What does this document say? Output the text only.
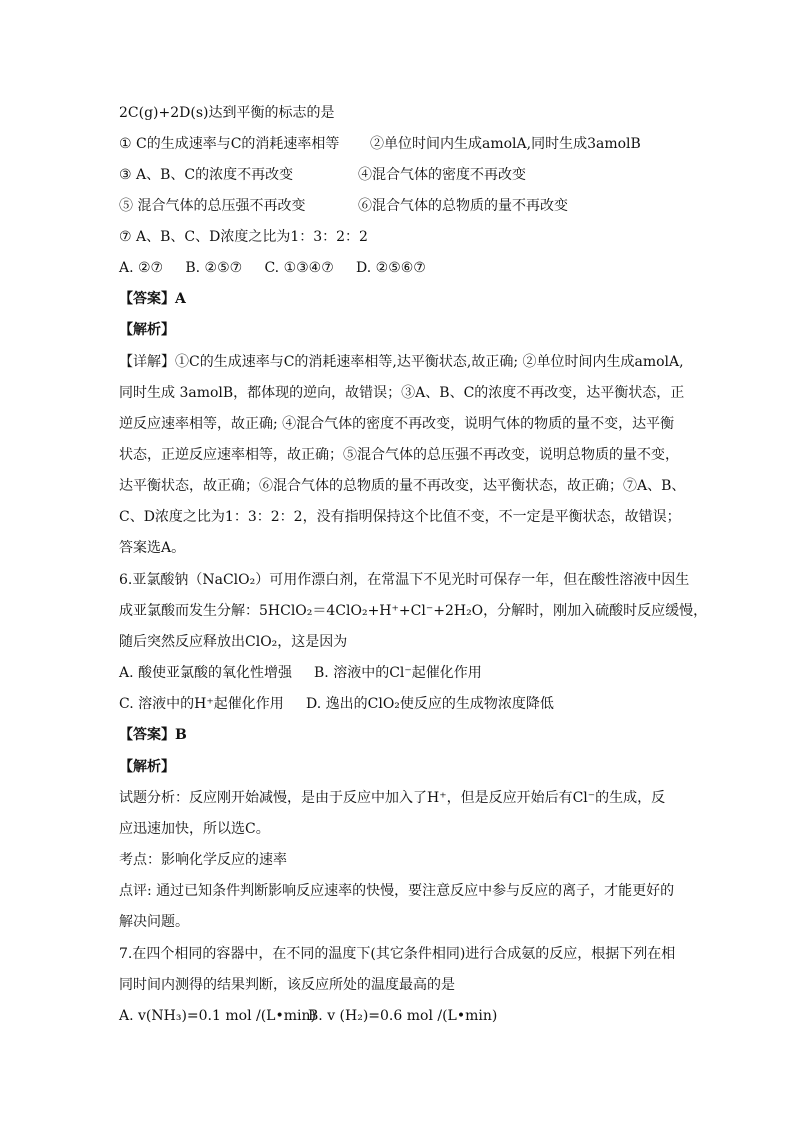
2C(g)+2D(s)达到平衡的标志的是
① C的生成速率与C的消耗速率相等 ②单位时间内生成amolA,同时生成3amolB
③ A、B、C的浓度不再改变	④混合气体的密度不再改变
⑤ 混合气体的总压强不再改变	⑥混合气体的总物质的量不再改变
⑦ A、B、C、D浓度之比为1：3：2：2
A. ②⑦     B. ②⑤⑦     C. ①③④⑦     D. ②⑤⑥⑦
【答案】A
【解析】
【详解】①C的生成速率与C的消耗速率相等,达平衡状态,故正确; ②单位时间内生成amolA,
同时生成 3amolB，都体现的逆向，故错误；③A、B、C的浓度不再改变，达平衡状态，正
逆反应速率相等，故正确; ④混合气体的密度不再改变，说明气体的物质的量不变，达平衡
状态，正逆反应速率相等，故正确；⑤混合气体的总压强不再改变，说明总物质的量不变，
达平衡状态，故正确；⑥混合气体的总物质的量不再改变，达平衡状态，故正确；⑦A、B、
C、D浓度之比为1：3：2：2，没有指明保持这个比值不变，不一定是平衡状态，故错误；
答案选A。
6.亚氯酸钠（NaClO₂）可用作漂白剂，在常温下不见光时可保存一年，但在酸性溶液中因生
成亚氯酸而发生分解：5HClO₂＝4ClO₂+H⁺+Cl⁻+2H₂O，分解时，刚加入硫酸时反应缓慢，
随后突然反应释放出ClO₂，这是因为
A. 酸使亚氯酸的氧化性增强 B. 溶液中的Cl⁻起催化作用
C. 溶液中的H⁺起催化作用 D. 逸出的ClO₂使反应的生成物浓度降低
【答案】B
【解析】
试题分析：反应刚开始减慢，是由于反应中加入了H⁺，但是反应开始后有Cl⁻的生成，反
应迅速加快，所以选C。
考点：影响化学反应的速率
点评: 通过已知条件判断影响反应速率的快慢，要注意反应中参与反应的离子，才能更好的
解决问题。
7.在四个相同的容器中，在不同的温度下(其它条件相同)进行合成氨的反应，根据下列在相
同时间内测得的结果判断，该反应所处的温度最高的是
A. v(NH₃)=0.1 mol /(L•min)
B. v (H₂)=0.6 mol /(L•min)
